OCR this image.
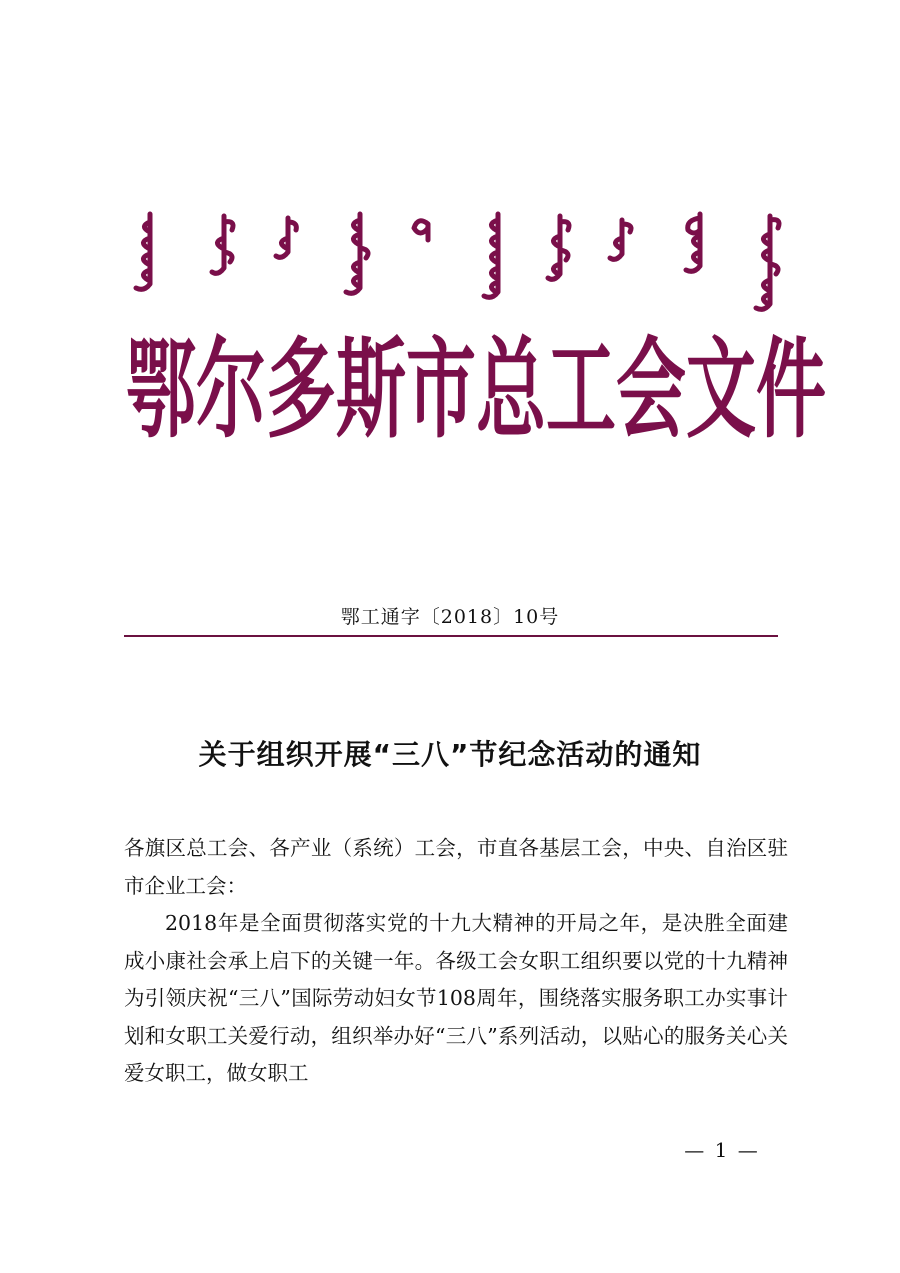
鄂 尔 多 斯 市 总 工 会 文 件
鄂工通字〔2018〕10号
关于组织开展“三八”节纪念活动的通知

各旗区总工会、各产业（系统）工会，市直各基层工会，中央、自治区驻市企业工会：

2018年是全面贯彻落实党的十九大精神的开局之年，是决胜全面建成小康社会承上启下的关键一年。各级工会女职工组织要以党的十九精神为引领庆祝“三八”国际劳动妇女节108周年，围绕落实服务职工办实事计划和女职工关爱行动，组织举办好“三八”系列活动，以贴心的服务关心关爱女职工，做女职工

— 1 —
